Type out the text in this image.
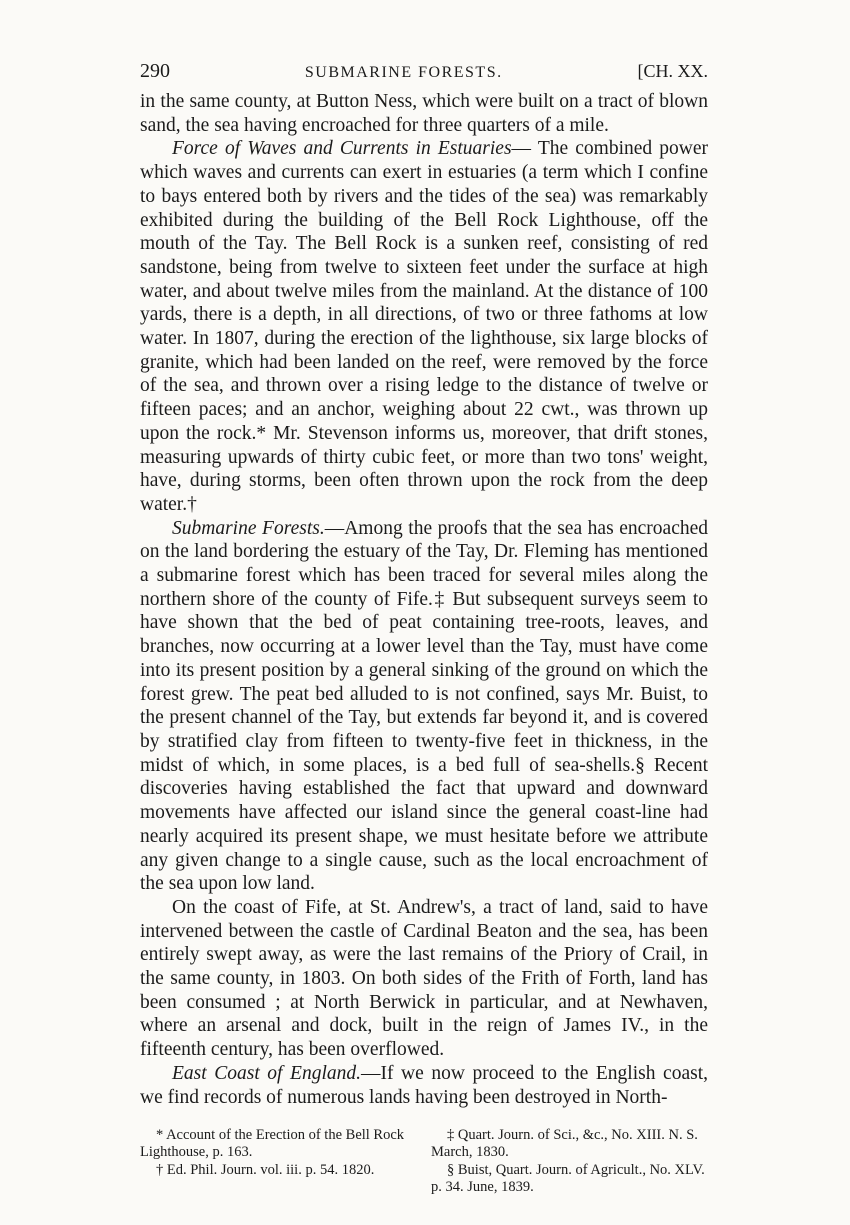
290	SUBMARINE FORESTS.	[CH. XX.

in the same county, at Button Ness, which were built on a tract of blown sand, the sea having encroached for three quarters of a mile.

Force of Waves and Currents in Estuaries— The combined power which waves and currents can exert in estuaries (a term which I confine to bays entered both by rivers and the tides of the sea) was remarkably exhibited during the building of the Bell Rock Lighthouse, off the mouth of the Tay. The Bell Rock is a sunken reef, consisting of red sandstone, being from twelve to sixteen feet under the surface at high water, and about twelve miles from the mainland. At the distance of 100 yards, there is a depth, in all directions, of two or three fathoms at low water. In 1807, during the erection of the lighthouse, six large blocks of granite, which had been landed on the reef, were removed by the force of the sea, and thrown over a rising ledge to the distance of twelve or fifteen paces; and an anchor, weighing about 22 cwt., was thrown up upon the rock.* Mr. Stevenson informs us, moreover, that drift stones, measuring upwards of thirty cubic feet, or more than two tons' weight, have, during storms, been often thrown upon the rock from the deep water.†

Submarine Forests.—Among the proofs that the sea has encroached on the land bordering the estuary of the Tay, Dr. Fleming has mentioned a submarine forest which has been traced for several miles along the northern shore of the county of Fife.‡ But subsequent surveys seem to have shown that the bed of peat containing tree-roots, leaves, and branches, now occurring at a lower level than the Tay, must have come into its present position by a general sinking of the ground on which the forest grew. The peat bed alluded to is not confined, says Mr. Buist, to the present channel of the Tay, but extends far beyond it, and is covered by stratified clay from fifteen to twenty-five feet in thickness, in the midst of which, in some places, is a bed full of sea-shells.§ Recent discoveries having established the fact that upward and downward movements have affected our island since the general coast-line had nearly acquired its present shape, we must hesitate before we attribute any given change to a single cause, such as the local encroachment of the sea upon low land.

On the coast of Fife, at St. Andrew's, a tract of land, said to have intervened between the castle of Cardinal Beaton and the sea, has been entirely swept away, as were the last remains of the Priory of Crail, in the same county, in 1803. On both sides of the Frith of Forth, land has been consumed ; at North Berwick in particular, and at Newhaven, where an arsenal and dock, built in the reign of James IV., in the fifteenth century, has been overflowed.

East Coast of England.—If we now proceed to the English coast, we find records of numerous lands having been destroyed in North-

* Account of the Erection of the Bell Rock Lighthouse, p. 163.

† Ed. Phil. Journ. vol. iii. p. 54. 1820.

‡ Quart. Journ. of Sci., &c., No. XIII. N. S. March, 1830.

§ Buist, Quart. Journ. of Agricult., No. XLV. p. 34. June, 1839.
